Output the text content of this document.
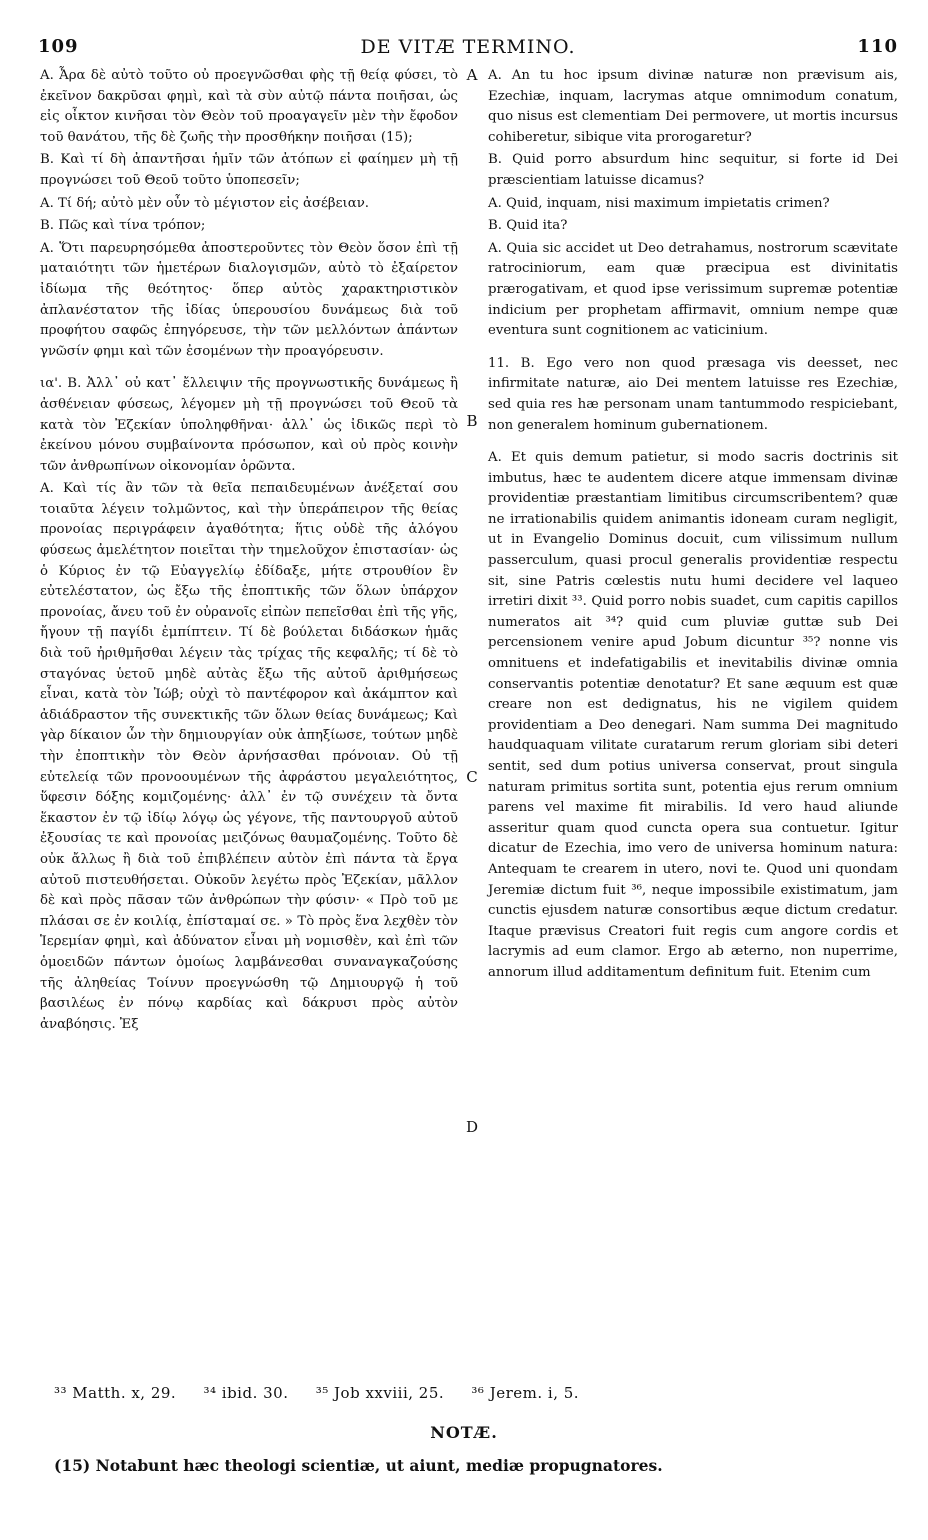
109	DE VITÆ TERMINO.	110

A. Ἆρα δὲ αὐτὸ τοῦτο οὐ προεγνῶσθαι φὴς τῇ θείᾳ φύσει, τὸ ἐκεῖνον δακρῦσαι φημὶ, καὶ τὰ σὺν αὐτῷ πάντα ποιῆσαι, ὡς εἰς οἶκτον κινῆσαι τὸν Θεὸν τοῦ προαγαγεῖν μὲν τὴν ἔφοδον τοῦ θανάτου, τῆς δὲ ζωῆς τὴν προσθήκην ποιῆσαι (15);

B. Καὶ τί δὴ ἀπαντῆσαι ἡμῖν τῶν ἀτόπων εἰ φαίημεν μὴ τῇ προγνώσει τοῦ Θεοῦ τοῦτο ὑποπεσεῖν;

A. Τί δή; αὐτὸ μὲν οὖν τὸ μέγιστον εἰς ἀσέβειαν.

B. Πῶς καὶ τίνα τρόπον;

A. Ὅτι παρευρησόμεθα ἀποστεροῦντες τὸν Θεὸν ὅσον ἐπὶ τῇ ματαιότητι τῶν ἡμετέρων διαλογισμῶν, αὐτὸ τὸ ἐξαίρετον ἰδίωμα τῆς θεότητος· ὅπερ αὐτὸς χαρακτηριστικὸν ἀπλανέστατον τῆς ἰδίας ὑπερουσίου δυνάμεως διὰ τοῦ προφήτου σαφῶς ἐπηγόρευσε, τὴν τῶν μελλόντων ἁπάντων γνῶσίν φημι καὶ τῶν ἐσομένων τὴν προαγόρευσιν.

ια'. B. Ἀλλ᾽ οὐ κατ᾽ ἔλλειψιν τῆς προγνωστικῆς δυνάμεως ἢ ἀσθένειαν φύσεως, λέγομεν μὴ τῇ προγνώσει τοῦ Θεοῦ τὰ κατὰ τὸν Ἐζεκίαν ὑποληφθῆναι· ἀλλ᾽ ὡς ἰδικῶς περὶ τὸ ἐκείνου μόνου συμβαίνοντα πρόσωπον, καὶ οὐ πρὸς κοινὴν τῶν ἀνθρωπίνων οἰκονομίαν ὁρῶντα.

A. Καὶ τίς ἂν τῶν τὰ θεῖα πεπαιδευμένων ἀνέξεταί σου τοιαῦτα λέγειν τολμῶντος, καὶ τὴν ὑπεράπειρον τῆς θείας προνοίας περιγράφειν ἀγαθότητα; ἥτις οὐδὲ τῆς ἀλόγου φύσεως ἀμελέτητον ποιεῖται τὴν τημελοῦχον ἐπιστασίαν· ὡς ὁ Κύριος ἐν τῷ Εὐαγγελίῳ ἐδίδαξε, μήτε στρουθίον ἓν εὐτελέστατον, ὡς ἔξω τῆς ἐποπτικῆς τῶν ὅλων ὑπάρχον προνοίας, ἄνευ τοῦ ἐν οὐρανοῖς εἰπὼν πεπεῖσθαι ἐπὶ τῆς γῆς, ἤγουν τῇ παγίδι ἐμπίπτειν. Τί δὲ βούλεται διδάσκων ἡμᾶς διὰ τοῦ ἠριθμῆσθαι λέγειν τὰς τρίχας τῆς κεφαλῆς; τί δὲ τὸ σταγόνας ὑετοῦ μηδὲ αὐτὰς ἔξω τῆς αὐτοῦ ἀριθμήσεως εἶναι, κατὰ τὸν Ἰώβ; οὐχὶ τὸ παντέφορον καὶ ἀκάμπτον καὶ ἀδιάδραστον τῆς συνεκτικῆς τῶν ὅλων θείας δυνάμεως; Καὶ γὰρ δίκαιον ὧν τὴν δημιουργίαν οὐκ ἀπηξίωσε, τούτων μηδὲ τὴν ἐποπτικὴν τὸν Θεὸν ἀρνήσασθαι πρόνοιαν. Οὐ τῇ εὐτελείᾳ τῶν προνοουμένων τῆς ἀφράστου μεγαλειότητος, ὕφεσιν δόξης κομιζομένης· ἀλλ᾽ ἐν τῷ συνέχειν τὰ ὄντα ἕκαστον ἐν τῷ ἰδίῳ λόγῳ ὡς γέγονε, τῆς παντουργοῦ αὐτοῦ ἐξουσίας τε καὶ προνοίας μειζόνως θαυμαζομένης. Τοῦτο δὲ οὐκ ἄλλως ἢ διὰ τοῦ ἐπιβλέπειν αὐτὸν ἐπὶ πάντα τὰ ἔργα αὐτοῦ πιστευθήσεται. Οὐκοῦν λεγέτω πρὸς Ἐζεκίαν, μᾶλλον δὲ καὶ πρὸς πᾶσαν τῶν ἀνθρώπων τὴν φύσιν· « Πρὸ τοῦ με πλάσαι σε ἐν κοιλίᾳ, ἐπίσταμαί σε. » Τὸ πρὸς ἕνα λεχθὲν τὸν Ἱερεμίαν φημὶ, καὶ ἀδύνατον εἶναι μὴ νομισθὲν, καὶ ἐπὶ τῶν ὁμοειδῶν πάντων ὁμοίως λαμβάνεσθαι συναναγκαζούσης τῆς ἀληθείας Τοίνυν προεγνώσθη τῷ Δημιουργῷ ἡ τοῦ βασιλέως ἐν πόνῳ καρδίας καὶ δάκρυσι πρὸς αὐτὸν ἀναβόησις. Ἐξ

A. An tu hoc ipsum divinæ naturæ non prævisum ais, Ezechiæ, inquam, lacrymas atque omnimodum conatum, quo nisus est clementiam Dei permovere, ut mortis incursus cohiberetur, sibique vita prorogaretur?

B. Quid porro absurdum hinc sequitur, si forte id Dei præscientiam latuisse dicamus?

A. Quid, inquam, nisi maximum impietatis crimen?

B. Quid ita?

A. Quia sic accidet ut Deo detrahamus, nostrorum scævitate ratrociniorum, eam quæ præcipua est divinitatis prærogativam, et quod ipse verissimum supremæ potentiæ indicium per prophetam affirmavit, omnium nempe quæ eventura sunt cognitionem ac vaticinium.

11. B. Ego vero non quod præsaga vis deesset, nec infirmitate naturæ, aio Dei mentem latuisse res Ezechiæ, sed quia res hæ personam unam tantummodo respiciebant, non generalem hominum gubernationem.

A. Et quis demum patietur, si modo sacris doctrinis sit imbutus, hæc te audentem dicere atque immensam divinæ providentiæ præstantiam limitibus circumscribentem? quæ ne irrationabilis quidem animantis idoneam curam negligit, ut in Evangelio Dominus docuit, cum vilissimum nullum passerculum, quasi procul generalis providentiæ respectu sit, sine Patris cœlestis nutu humi decidere vel laqueo irretiri dixit ³³. Quid porro nobis suadet, cum capitis capillos numeratos ait ³⁴? quid cum pluviæ guttæ sub Dei percensionem venire apud Jobum dicuntur ³⁵? nonne vis omnituens et indefatigabilis et inevitabilis divinæ omnia conservantis potentiæ denotatur? Et sane æquum est quæ creare non est dedignatus, his ne vigilem quidem providentiam a Deo denegari. Nam summa Dei magnitudo haudquaquam vilitate curatarum rerum gloriam sibi deteri sentit, sed dum potius universa conservat, prout singula naturam primitus sortita sunt, potentia ejus rerum omnium parens vel maxime fit mirabilis. Id vero haud aliunde asseritur quam quod cuncta opera sua contuetur. Igitur dicatur de Ezechia, imo vero de universa hominum natura: Antequam te crearem in utero, novi te. Quod uni quondam Jeremiæ dictum fuit ³⁶, neque impossibile existimatum, jam cunctis ejusdem naturæ consortibus æque dictum credatur. Itaque prævisus Creatori fuit regis cum angore cordis et lacrymis ad eum clamor. Ergo ab æterno, non nuperrime, annorum illud additamentum definitum fuit. Etenim cum

A
B
C
D
³³ Matth. x, 29. ³⁴ ibid. 30. ³⁵ Job xxviii, 25. ³⁶ Jerem. i, 5.
NOTÆ.
(15) Notabunt hæc theologi scientiæ, ut aiunt, mediæ propugnatores.
